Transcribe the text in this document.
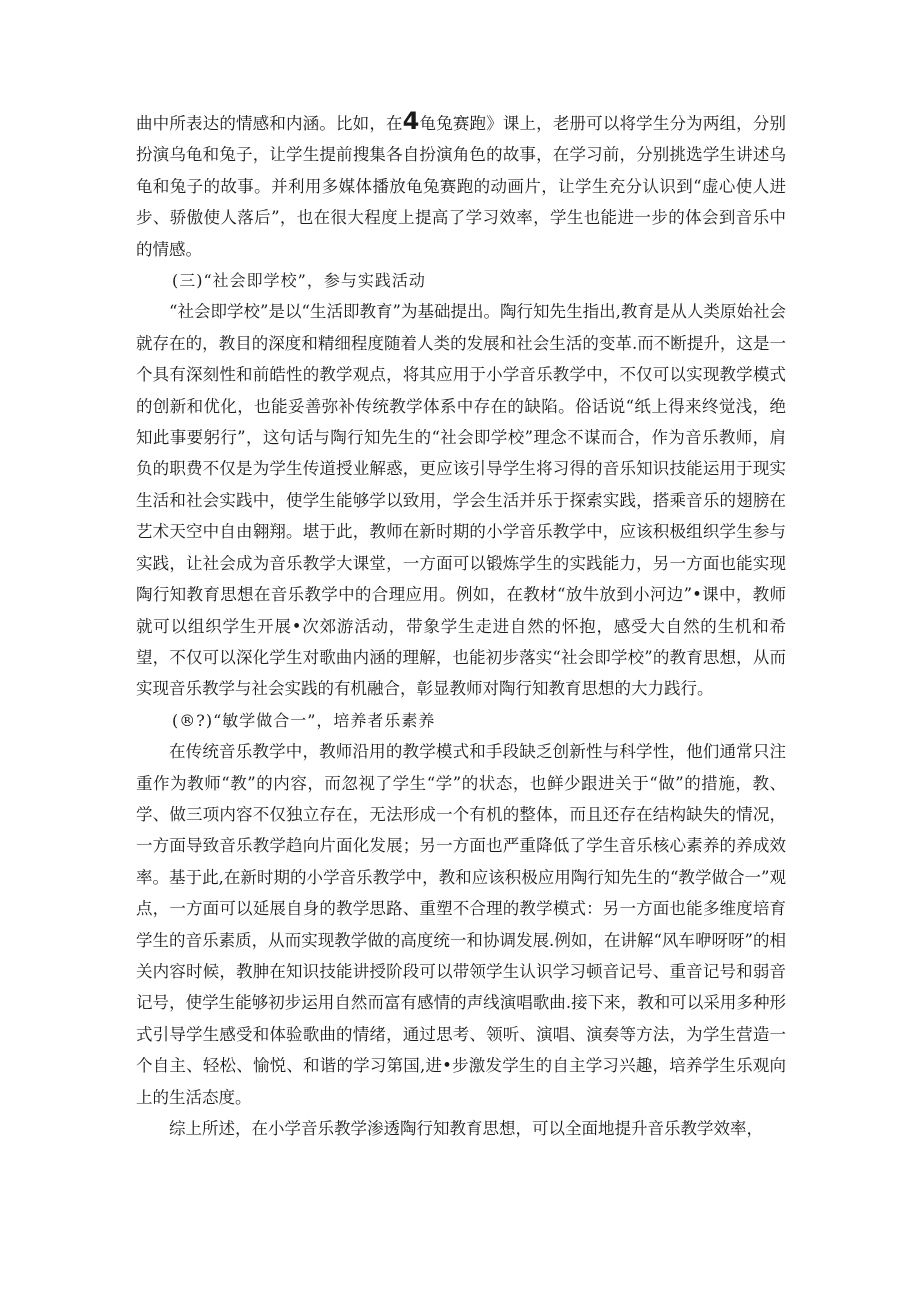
曲中所表达的情感和内涵。比如，在4龟兔赛跑》课上，老册可以将学生分为两组，分别扮演乌龟和兔子，让学生提前搜集各自扮演角色的故事，在学习前，分别挑选学生讲述乌龟和兔子的故事。并利用多媒体播放龟兔赛跑的动画片，让学生充分认识到“虚心使人进步、骄傲使人落后”，也在很大程度上提高了学习效率，学生也能进一步的体会到音乐中的情感。

(三)“社会即学校”，参与实践活动

“社会即学校”是以“生活即教育”为基础提出。陶行知先生指出,教育是从人类原始社会就存在的，教目的深度和精细程度随着人类的发展和社会生活的变革.而不断提升，这是一个具有深刻性和前皓性的教学观点，将其应用于小学音乐教学中，不仅可以实现教学模式的创新和优化，也能妥善弥补传统教学体系中存在的缺陷。俗话说“纸上得来终觉浅，绝知此事要躬行”，这句话与陶行知先生的“社会即学校”理念不谋而合，作为音乐教师，肩负的职费不仅是为学生传道授业解惑，更应该引导学生将习得的音乐知识技能运用于现实生活和社会实践中，使学生能够学以致用，学会生活并乐于探索实践，搭乘音乐的翅膀在艺术天空中自由翱翔。堪于此，教师在新时期的小学音乐教学中，应该积极组织学生参与实践，让社会成为音乐教学大课堂，一方面可以锻炼学生的实践能力，另一方面也能实现陶行知教育思想在音乐教学中的合理应用。例如，在教材“放牛放到小河边”•课中，教师就可以组织学生开展•次郊游活动，带象学生走进自然的怀抱，感受大自然的生机和希望，不仅可以深化学生对歌曲内涵的理解，也能初步落实“社会即学校”的教育思想，从而实现音乐教学与社会实践的有机融合，彰显教师对陶行知教育思想的大力践行。

(®?)“敏学做合一”，培养者乐素养

在传统音乐教学中，教师沿用的教学模式和手段缺乏创新性与科学性，他们通常只注重作为教师“教”的内容，而忽视了学生“学”的状态，也鲜少跟进关于“做”的措施，教、学、做三项内容不仅独立存在，无法形成一个有机的整体，而且还存在结构缺失的情况，一方面导致音乐教学趋向片面化发展；另一方面也严重降低了学生音乐核心素养的养成效率。基于此,在新时期的小学音乐教学中，教和应该积极应用陶行知先生的“教学做合一”观点，一方面可以延展自身的教学思路、重塑不合理的教学模式：另一方面也能多维度培育学生的音乐素质，从而实现教学做的高度统一和协调发展.例如，在讲解“风车咿呀呀”的相关内容时候，教胂在知识技能讲授阶段可以带领学生认识学习顿音记号、重音记号和弱音记号，使学生能够初步运用自然而富有感情的声线演唱歌曲.接下来，教和可以采用多种形式引导学生感受和体验歌曲的情绪，通过思考、领听、演唱、演奏等方法，为学生营造一个自主、轻松、愉悦、和谐的学习第国,进•步激发学生的自主学习兴趣，培养学生乐观向上的生活态度。

综上所述，在小学音乐教学渗透陶行知教育思想，可以全面地提升音乐教学效率，
